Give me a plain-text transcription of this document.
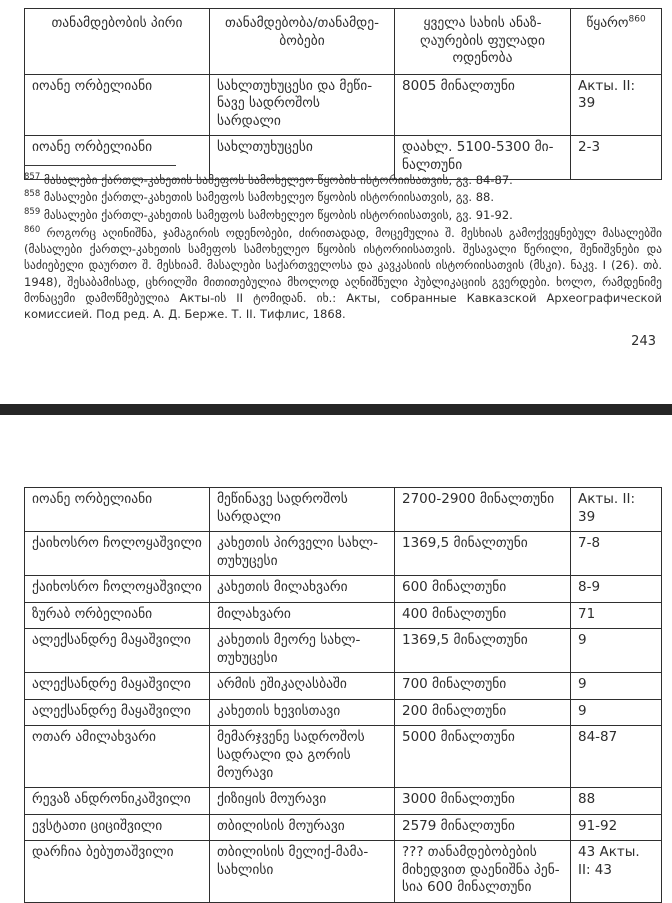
თანამდებობის პირი	თანამდებობა/თანამდე-ბობები	ყველა სახის ანაზ-ღაურების ფულადი ოდენობა	წყარო$^{860}$
იოანე ორბელიანი	სახლთუხუცესი და მეწი-ნავე სადროშოს სარდალი	8005 მინალთუნი	Акты. II: 39
იოანე ორბელიანი	სახლთუხუცესი	დაახლ. 5100-5300 მი-ნალთუნი	2-3
$^{857}$ მასალები ქართლ-კახეთის სამეფოს სამოხელეო წყობის ისტორიისათვის, გვ. 84-87.
$^{858}$ მასალები ქართლ-კახეთის სამეფოს სამოხელეო წყობის ისტორიისათვის, გვ. 88.
$^{859}$ მასალები ქართლ-კახეთის სამეფოს სამოხელეო წყობის ისტორიისათვის, გვ. 91-92.
$^{860}$ როგორც აღინიშნა, ჯამაგირის ოდენობები, ძირითადად, მოცემულია შ. მესხიას გამოქვეყნებულ მასალებში (მასალები ქართლ-კახეთის სამეფოს სამოხელეო წყობის ისტორიისათვის. შესავალი წერილი, შენიშვნები და საძიებელი დაურთო შ. მესხიამ. მასალები საქართველოსა და კავკასიის ისტორიისათვის (მსკი). ნაკვ. I (26). თბ. 1948), შესაბამისად, ცხრილში მითითებულია მხოლოდ აღნიშნული პუბლიკაციის გვერდები. ხოლო, რამდენიმე მონაცემი დამოწმებულია Акты-ის II ტომიდან. იხ.: Акты, собранные Кавказской Археографической комиссией. Под ред. А. Д. Берже. Т. II. Тифлис, 1868.
243
იოანე ორბელიანი	მეწინავე სადროშოს სარდალი	2700-2900 მინალთუნი	Акты. II: 39
ქაიხოსრო ჩოლოყაშვილი	კახეთის პირველი სახლ-თუხუცესი	1369,5 მინალთუნი	7-8
ქაიხოსრო ჩოლოყაშვილი	კახეთის მილახვარი	600 მინალთუნი	8-9
ზურაბ ორბელიანი	მილახვარი	400 მინალთუნი	71
ალექსანდრე მაყაშვილი	კახეთის მეორე სახლ-თუხუცესი	1369,5 მინალთუნი	9
ალექსანდრე მაყაშვილი	არმის ეშიკაღასბაში	700 მინალთუნი	9
ალექსანდრე მაყაშვილი	კახეთის ხევისთავი	200 მინალთუნი	9
ოთარ ამილახვარი	მემარჯვენე სადროშოს სადრალი და გორის მოურავი	5000 მინალთუნი	84-87
რევაზ ანდრონიკაშვილი	ქიზიყის მოურავი	3000 მინალთუნი	88
ევსტათი ციციშვილი	თბილისის მოურავი	2579 მინალთუნი	91-92
დარჩია ბებუთაშვილი	თბილისის მელიქ-მამა-სახლისი	??? თანამდებობების მიხედვით დაენიშნა პენ-სია 600 მინალთუნი	43 Акты. II: 43
